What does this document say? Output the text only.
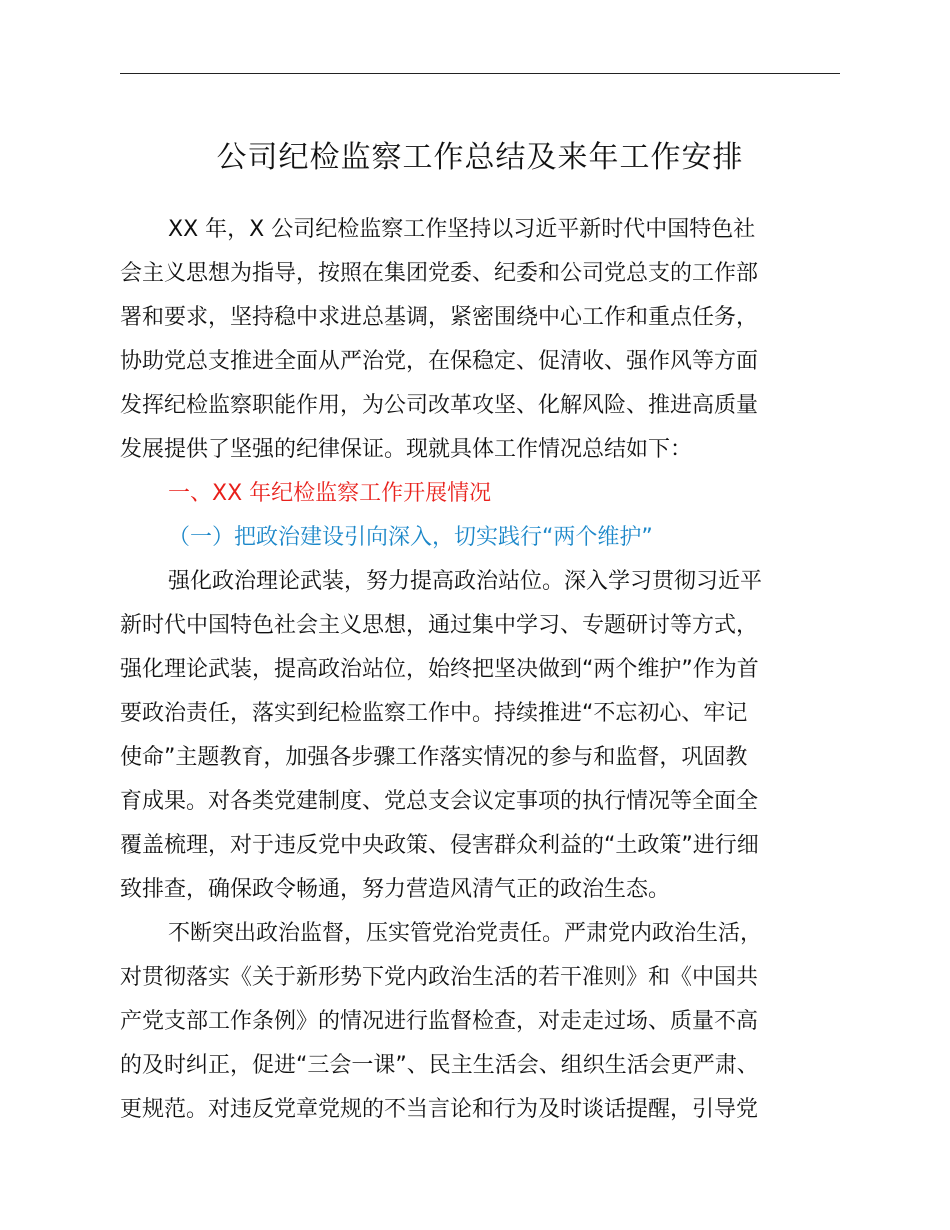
公司纪检监察工作总结及来年工作安排
XX 年，X 公司纪检监察工作坚持以习近平新时代中国特色社
会主义思想为指导，按照在集团党委、纪委和公司党总支的工作部
署和要求，坚持稳中求进总基调，紧密围绕中心工作和重点任务，
协助党总支推进全面从严治党，在保稳定、促清收、强作风等方面
发挥纪检监察职能作用，为公司改革攻坚、化解风险、推进高质量
发展提供了坚强的纪律保证。现就具体工作情况总结如下：
一、XX 年纪检监察工作开展情况
（一）把政治建设引向深入，切实践行“两个维护”
强化政治理论武装，努力提高政治站位。深入学习贯彻习近平
新时代中国特色社会主义思想，通过集中学习、专题研讨等方式，
强化理论武装，提高政治站位，始终把坚决做到“两个维护”作为首
要政治责任，落实到纪检监察工作中。持续推进“不忘初心、牢记
使命”主题教育，加强各步骤工作落实情况的参与和监督，巩固教
育成果。对各类党建制度、党总支会议定事项的执行情况等全面全
覆盖梳理，对于违反党中央政策、侵害群众利益的“土政策”进行细
致排查，确保政令畅通，努力营造风清气正的政治生态。
不断突出政治监督，压实管党治党责任。严肃党内政治生活，
对贯彻落实《关于新形势下党内政治生活的若干准则》和《中国共
产党支部工作条例》的情况进行监督检查，对走走过场、质量不高
的及时纠正，促进“三会一课”、民主生活会、组织生活会更严肃、
更规范。对违反党章党规的不当言论和行为及时谈话提醒，引导党
